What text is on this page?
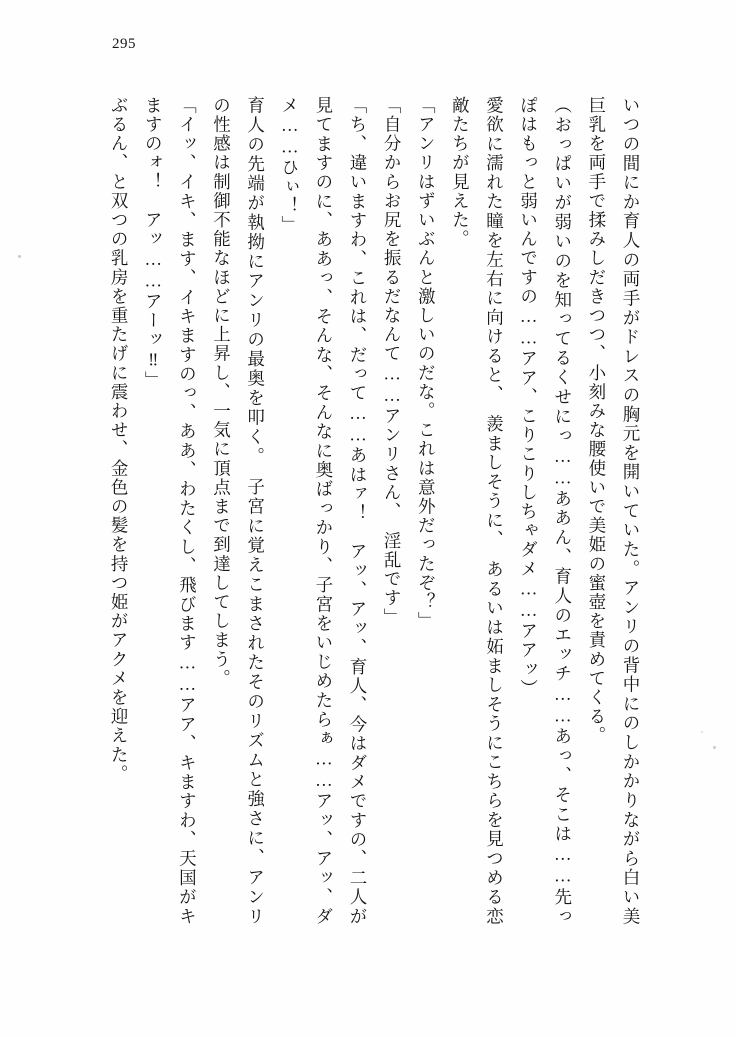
295

いつの間にか育人の両手がドレスの胸元を開いていた。アンリの背中にのしかかりながら白い美巨乳を両手で揉みしだきつつ、小刻みな腰使いで美姫の蜜壺を責めてくる。

（おっぱいが弱いのを知ってるくせにっ……ああん、育人のエッチ……あっ、そこは……先っぽはもっと弱いんですの……アア、こりこりしちゃダメ……アアッ）

愛欲に濡れた瞳を左右に向けると、　羨ましそうに、　あるいは妬ましそうにこちらを見つめる恋敵たちが見えた。

「アンリはずいぶんと激しいのだな。これは意外だったぞ？」

「自分からお尻を振るだなんて……アンリさん、　淫乱です」

「ち、違いますわ、これは、だって……あはァ！　アッ、アッ、育人、今はダメですの、二人が見てますのに、ああっ、そんな、そんなに奥ばっかり、子宮をいじめたらぁ……アッ、アッ、ダメ……ひぃ！」

育人の先端が執拗にアンリの最奥を叩く。　子宮に覚えこまされたそのリズムと強さに、アンリの性感は制御不能なほどに上昇し、一気に頂点まで到達してしまう。

「イッ、イキ、ます、イキますのっ、ああ、わたくし、飛びます……アア、キますわ、天国がキますのォ！　アッ……アーッ‼」

ぶるん、と双つの乳房を重たげに震わせ、金色の髪を持つ姫がアクメを迎えた。
